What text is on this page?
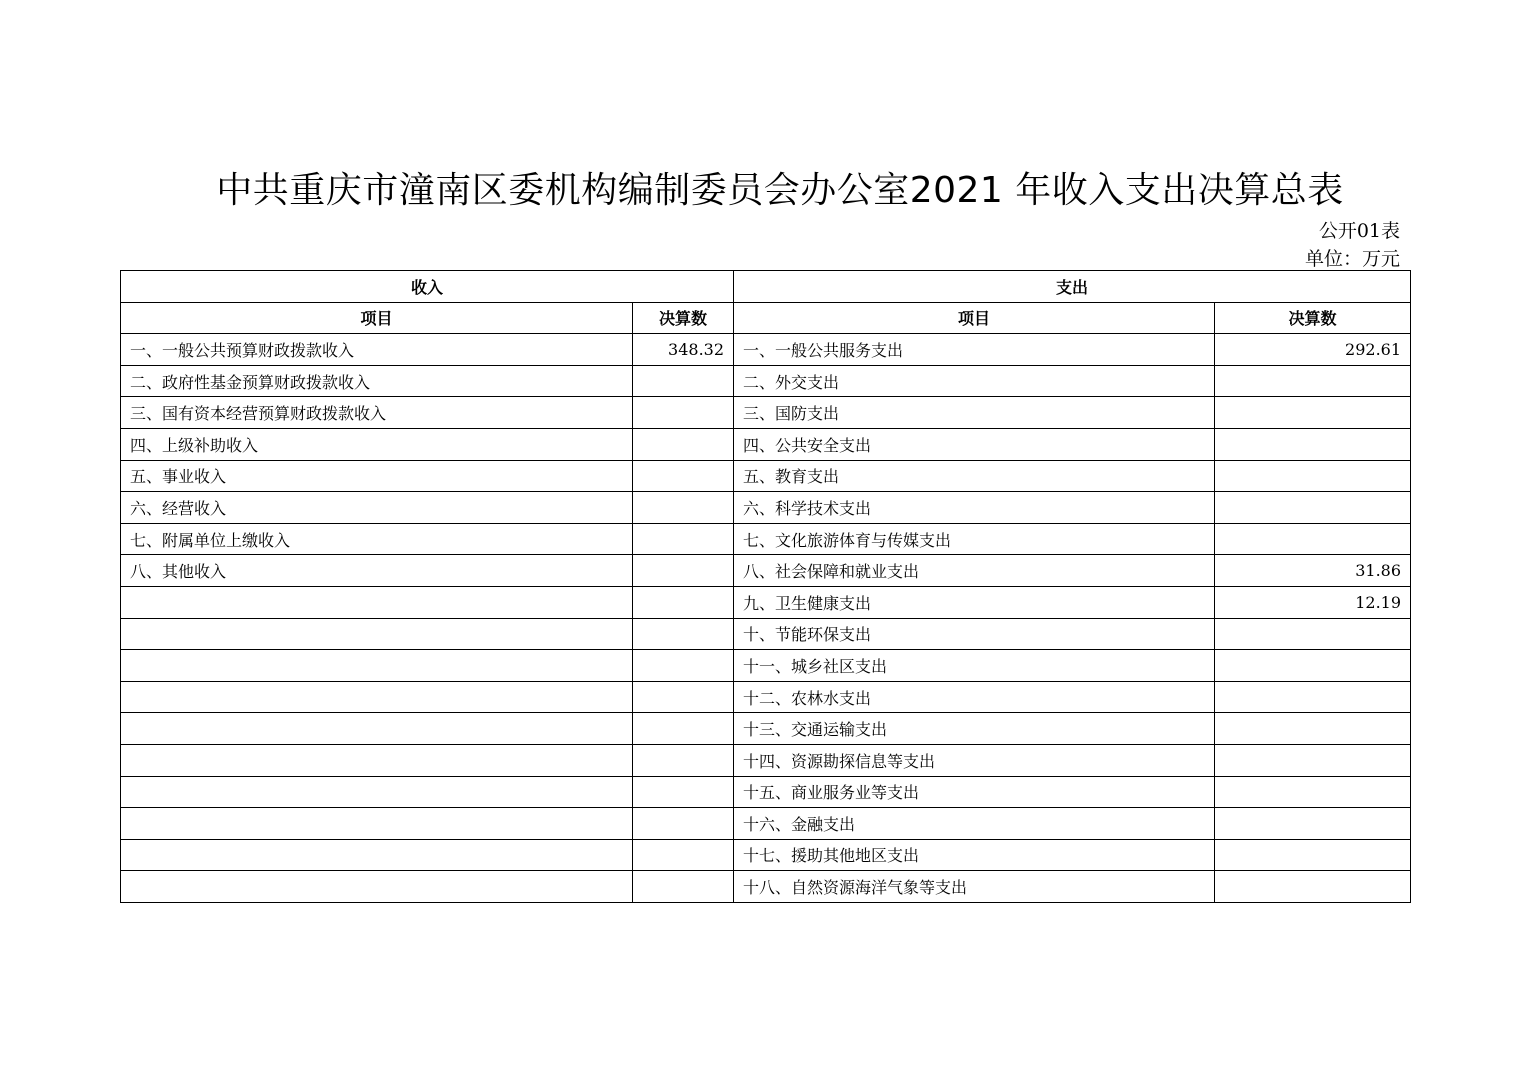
中共重庆市潼南区委机构编制委员会办公室2021 年收入支出决算总表
公开01表
单位：万元
收入		支出	
项目	决算数	项目	决算数
一、一般公共预算财政拨款收入	348.32	一、一般公共服务支出	292.61
二、政府性基金预算财政拨款收入		二、外交支出	
三、国有资本经营预算财政拨款收入		三、国防支出	
四、上级补助收入		四、公共安全支出	
五、事业收入		五、教育支出	
六、经营收入		六、科学技术支出	
七、附属单位上缴收入		七、文化旅游体育与传媒支出	
八、其他收入		八、社会保障和就业支出	31.86
		九、卫生健康支出	12.19
		十、节能环保支出	
		十一、城乡社区支出	
		十二、农林水支出	
		十三、交通运输支出	
		十四、资源勘探信息等支出	
		十五、商业服务业等支出	
		十六、金融支出	
		十七、援助其他地区支出	
		十八、自然资源海洋气象等支出	
